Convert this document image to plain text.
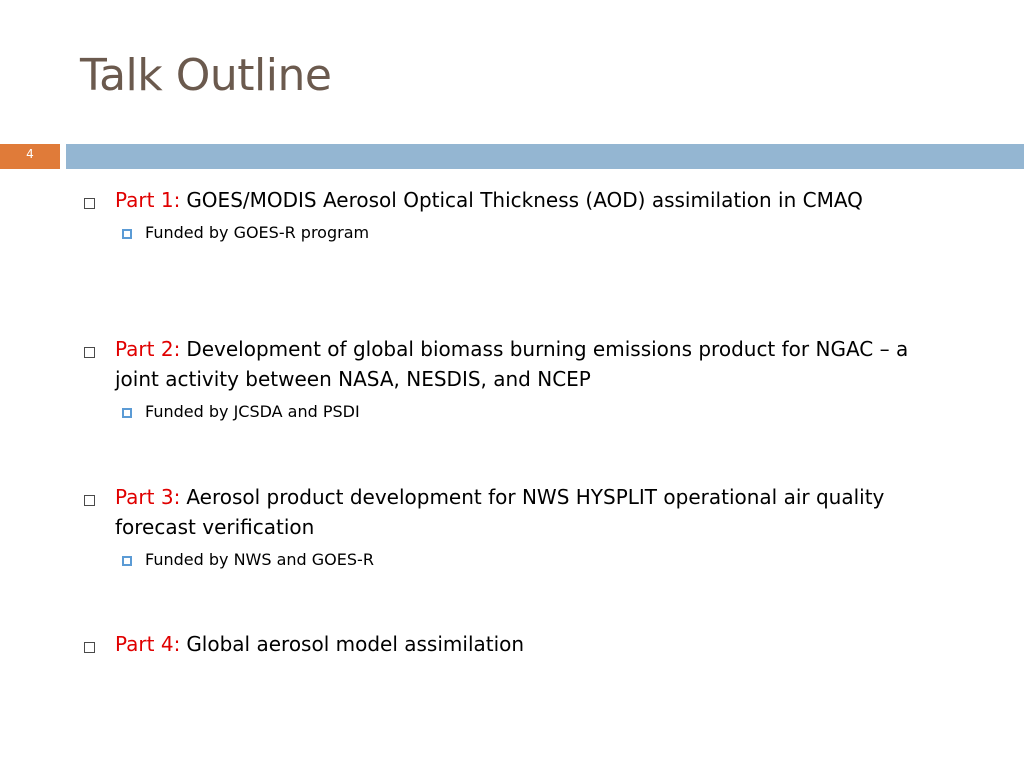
Talk Outline
4
Part 1: GOES/MODIS Aerosol Optical Thickness (AOD) assimilation in CMAQ
Funded by GOES-R program
Part 2: Development of global biomass burning emissions product for NGAC – a joint activity between NASA, NESDIS, and NCEP
Funded by JCSDA and PSDI
Part 3: Aerosol product development for NWS HYSPLIT operational air quality forecast verification
Funded by NWS and GOES-R
Part 4: Global aerosol model assimilation
